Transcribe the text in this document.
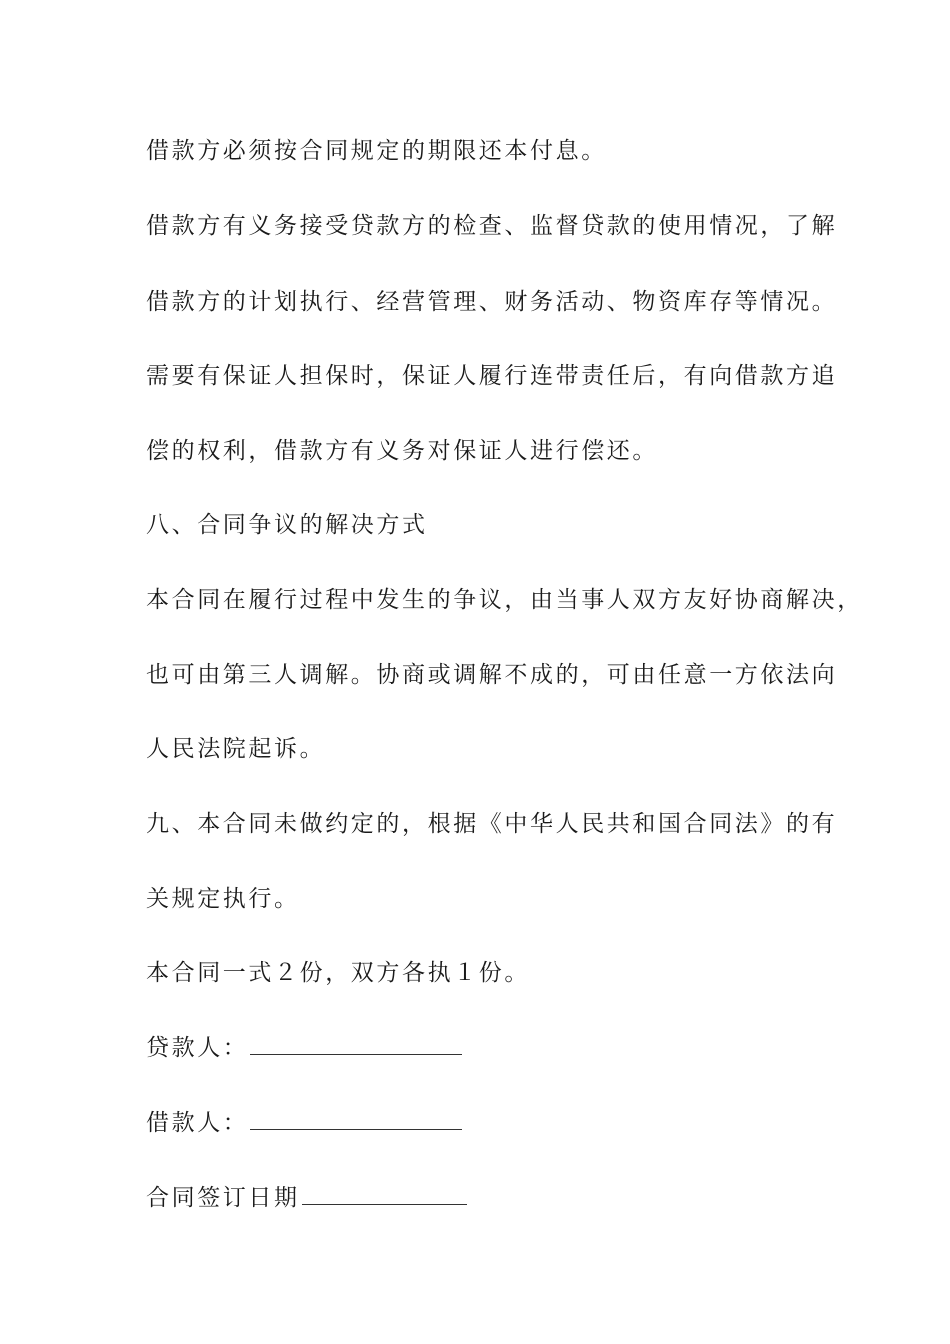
借款方必须按合同规定的期限还本付息。
借款方有义务接受贷款方的检查、监督贷款的使用情况，了解
借款方的计划执行、经营管理、财务活动、物资库存等情况。
需要有保证人担保时，保证人履行连带责任后，有向借款方追
偿的权利，借款方有义务对保证人进行偿还。
八、合同争议的解决方式
本合同在履行过程中发生的争议，由当事人双方友好协商解决，
也可由第三人调解。协商或调解不成的，可由任意一方依法向
人民法院起诉。
九、本合同未做约定的，根据《中华人民共和国合同法》的有
关规定执行。
本合同一式２份，双方各执１份。
贷款人：
借款人：
合同签订日期
